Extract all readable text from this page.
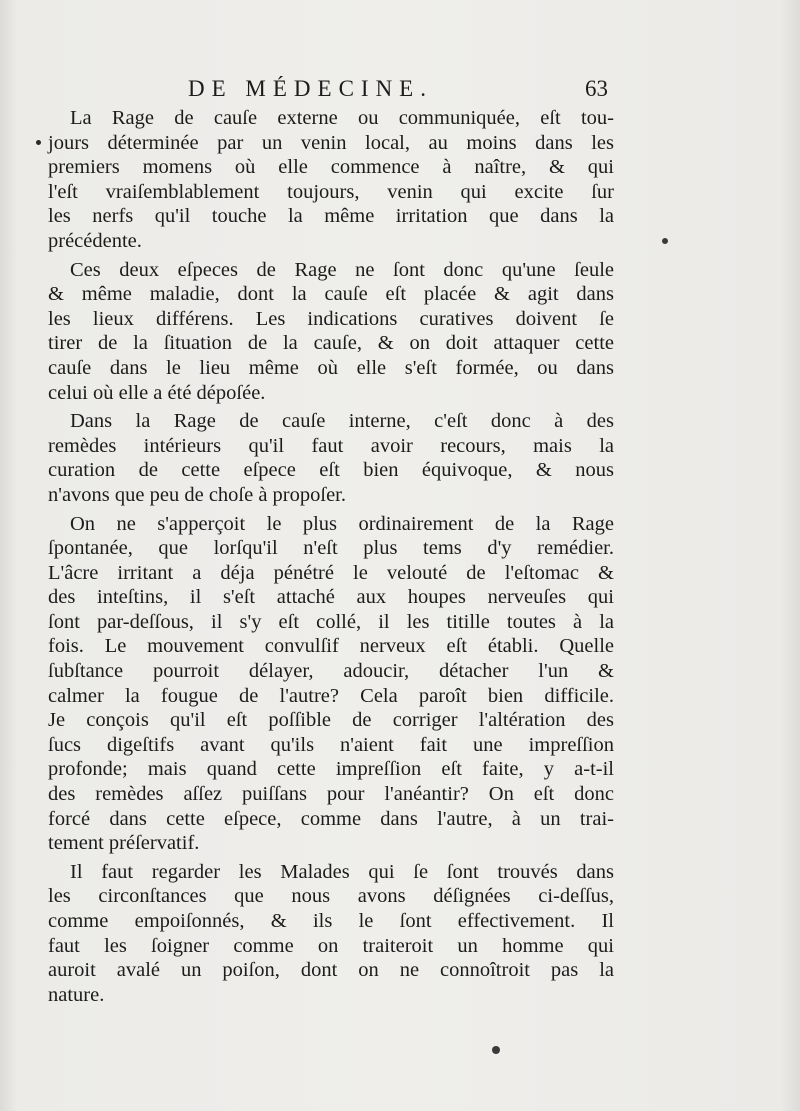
DE MÉDECINE.	63
La Rage de cauſe externe ou communiquée, eſt tou-
jours déterminée par un venin local, au moins dans les
premiers momens où elle commence à naître, & qui
l'eſt vraiſemblablement toujours, venin qui excite ſur
les nerfs qu'il touche la même irritation que dans la
précédente.
Ces deux eſpeces de Rage ne ſont donc qu'une ſeule
& même maladie, dont la cauſe eſt placée & agit dans
les lieux différens. Les indications curatives doivent ſe
tirer de la ſituation de la cauſe, & on doit attaquer cette
cauſe dans le lieu même où elle s'eſt formée, ou dans
celui où elle a été dépoſée.
Dans la Rage de cauſe interne, c'eſt donc à des
remèdes intérieurs qu'il faut avoir recours, mais la
curation de cette eſpece eſt bien équivoque, & nous
n'avons que peu de choſe à propoſer.
On ne s'apperçoit le plus ordinairement de la Rage
ſpontanée, que lorſqu'il n'eſt plus tems d'y remédier.
L'âcre irritant a déja pénétré le velouté de l'eſtomac &
des inteſtins, il s'eſt attaché aux houpes nerveuſes qui
ſont par-deſſous, il s'y eſt collé, il les titille toutes à la
fois. Le mouvement convulſif nerveux eſt établi. Quelle
ſubſtance pourroit délayer, adoucir, détacher l'un &
calmer la fougue de l'autre? Cela paroît bien difficile.
Je conçois qu'il eſt poſſible de corriger l'altération des
ſucs digeſtifs avant qu'ils n'aient fait une impreſſion
profonde; mais quand cette impreſſion eſt faite, y a-t-il
des remèdes aſſez puiſſans pour l'anéantir? On eſt donc
forcé dans cette eſpece, comme dans l'autre, à un trai-
tement préſervatif.
Il faut regarder les Malades qui ſe ſont trouvés dans
les circonſtances que nous avons déſignées ci-deſſus,
comme empoiſonnés, & ils le ſont effectivement. Il
faut les ſoigner comme on traiteroit un homme qui
auroit avalé un poiſon, dont on ne connoîtroit pas la
nature.
